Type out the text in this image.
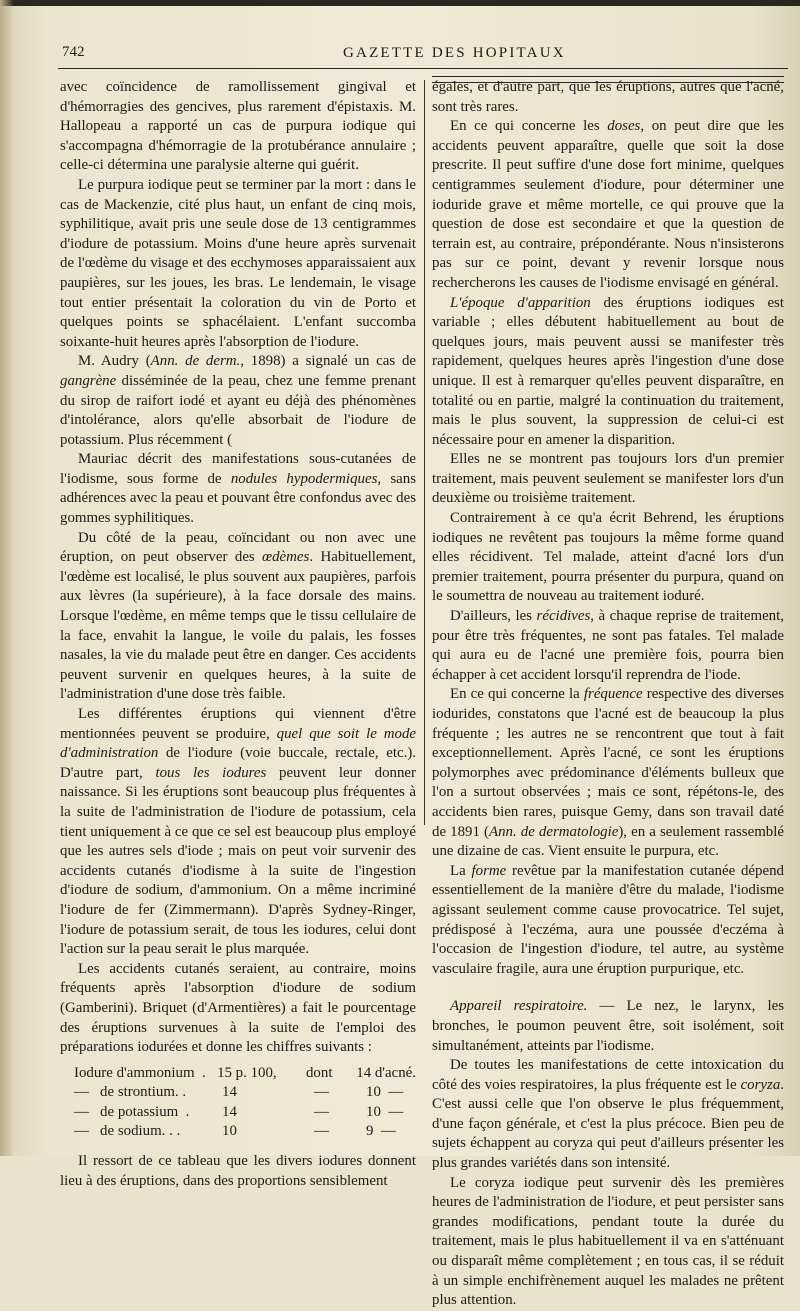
742	GAZETTE DES HOPITAUX

avec coïncidence de ramollissement gingival et d'hémorragies des gencives, plus rarement d'épistaxis. M. Hallopeau a rapporté un cas de purpura iodique qui s'accompagna d'hémorragie de la protubérance annulaire ; celle-ci détermina une paralysie alterne qui guérit.

Le purpura iodique peut se terminer par la mort : dans le cas de Mackenzie, cité plus haut, un enfant de cinq mois, syphilitique, avait pris une seule dose de 13 centigrammes d'iodure de potassium. Moins d'une heure après survenait de l'œdème du visage et des ecchymoses apparaissaient aux paupières, sur les joues, les bras. Le lendemain, le visage tout entier présentait la coloration du vin de Porto et quelques points se sphacélaient. L'enfant succomba soixante-huit heures après l'absorption de l'iodure.

M. Audry (Ann. de derm., 1898) a signalé un cas de gangrène disséminée de la peau, chez une femme prenant du sirop de raifort iodé et ayant eu déjà des phénomènes d'intolérance, alors qu'elle absorbait de l'iodure de potassium. Plus récemment (

Mauriac décrit des manifestations sous-cutanées de l'iodisme, sous forme de nodules hypodermiques, sans adhérences avec la peau et pouvant être confondus avec des gommes syphilitiques.

Du côté de la peau, coïncidant ou non avec une éruption, on peut observer des œdèmes. Habituellement, l'œdème est localisé, le plus souvent aux paupières, parfois aux lèvres (la supérieure), à la face dorsale des mains. Lorsque l'œdème, en même temps que le tissu cellulaire de la face, envahit la langue, le voile du palais, les fosses nasales, la vie du malade peut être en danger. Ces accidents peuvent survenir en quelques heures, à la suite de l'administration d'une dose très faible.

Les différentes éruptions qui viennent d'être mentionnées peuvent se produire, quel que soit le mode d'administration de l'iodure (voie buccale, rectale, etc.). D'autre part, tous les iodures peuvent leur donner naissance. Si les éruptions sont beaucoup plus fréquentes à la suite de l'administration de l'iodure de potassium, cela tient uniquement à ce que ce sel est beaucoup plus employé que les autres sels d'iode ; mais on peut voir survenir des accidents cutanés d'iodisme à la suite de l'ingestion d'iodure de sodium, d'ammonium. On a même incriminé l'iodure de fer (Zimmermann). D'après Sydney-Ringer, l'iodure de potassium serait, de tous les iodures, celui dont l'action sur la peau serait le plus marquée.

Les accidents cutanés seraient, au contraire, moins fréquents après l'absorption d'iodure de sodium (Gamberini). Briquet (d'Armentières) a fait le pourcentage des éruptions survenues à la suite de l'emploi des préparations iodurées et donne les chiffres suivants :

Iodure d'ammonium  . 15 p. 100,	dont	14 d'acné.
—   de strontium. .	14	—	10  —
—   de potassium  .	14	—	10  —
—   de sodium. . .	10	—	9  —

Il ressort de ce tableau que les divers iodures donnent lieu à des éruptions, dans des proportions sensiblement

égales, et d'autre part, que les éruptions, autres que l'acné, sont très rares.

En ce qui concerne les doses, on peut dire que les accidents peuvent apparaître, quelle que soit la dose prescrite. Il peut suffire d'une dose fort minime, quelques centigrammes seulement d'iodure, pour déterminer une ioduride grave et même mortelle, ce qui prouve que la question de dose est secondaire et que la question de terrain est, au contraire, prépondérante. Nous n'insisterons pas sur ce point, devant y revenir lorsque nous rechercherons les causes de l'iodisme envisagé en général.

L'époque d'apparition des éruptions iodiques est variable ; elles débutent habituellement au bout de quelques jours, mais peuvent aussi se manifester très rapidement, quelques heures après l'ingestion d'une dose unique. Il est à remarquer qu'elles peuvent disparaître, en totalité ou en partie, malgré la continuation du traitement, mais le plus souvent, la suppression de celui-ci est nécessaire pour en amener la disparition.

Elles ne se montrent pas toujours lors d'un premier traitement, mais peuvent seulement se manifester lors d'un deuxième ou troisième traitement.

Contrairement à ce qu'a écrit Behrend, les éruptions iodiques ne revêtent pas toujours la même forme quand elles récidivent. Tel malade, atteint d'acné lors d'un premier traitement, pourra présenter du purpura, quand on le soumettra de nouveau au traitement ioduré.

D'ailleurs, les récidives, à chaque reprise de traitement, pour être très fréquentes, ne sont pas fatales. Tel malade qui aura eu de l'acné une première fois, pourra bien échapper à cet accident lorsqu'il reprendra de l'iode.

En ce qui concerne la fréquence respective des diverses iodurides, constatons que l'acné est de beaucoup la plus fréquente ; les autres ne se rencontrent que tout à fait exceptionnellement. Après l'acné, ce sont les éruptions polymorphes avec prédominance d'éléments bulleux que l'on a surtout observées ; mais ce sont, répétons-le, des accidents bien rares, puisque Gemy, dans son travail daté de 1891 (Ann. de dermatologie), en a seulement rassemblé une dizaine de cas. Vient ensuite le purpura, etc.

La forme revêtue par la manifestation cutanée dépend essentiellement de la manière d'être du malade, l'iodisme agissant seulement comme cause provocatrice. Tel sujet, prédisposé à l'eczéma, aura une poussée d'eczéma à l'occasion de l'ingestion d'iodure, tel autre, au système vasculaire fragile, aura une éruption purpurique, etc.

Appareil respiratoire. — Le nez, le larynx, les bronches, le poumon peuvent être, soit isolément, soit simultanément, atteints par l'iodisme.

De toutes les manifestations de cette intoxication du côté des voies respiratoires, la plus fréquente est le coryza. C'est aussi celle que l'on observe le plus fréquemment, d'une façon générale, et c'est la plus précoce. Bien peu de sujets échappent au coryza qui peut d'ailleurs présenter les plus grandes variétés dans son intensité.

Le coryza iodique peut survenir dès les premières heures de l'administration de l'iodure, et peut persister sans grandes modifications, pendant toute la durée du traitement, mais le plus habituellement il va en s'atténuant ou disparaît même complètement ; en tous cas, il se réduit à un simple enchifrènement auquel les malades ne prêtent plus attention.
